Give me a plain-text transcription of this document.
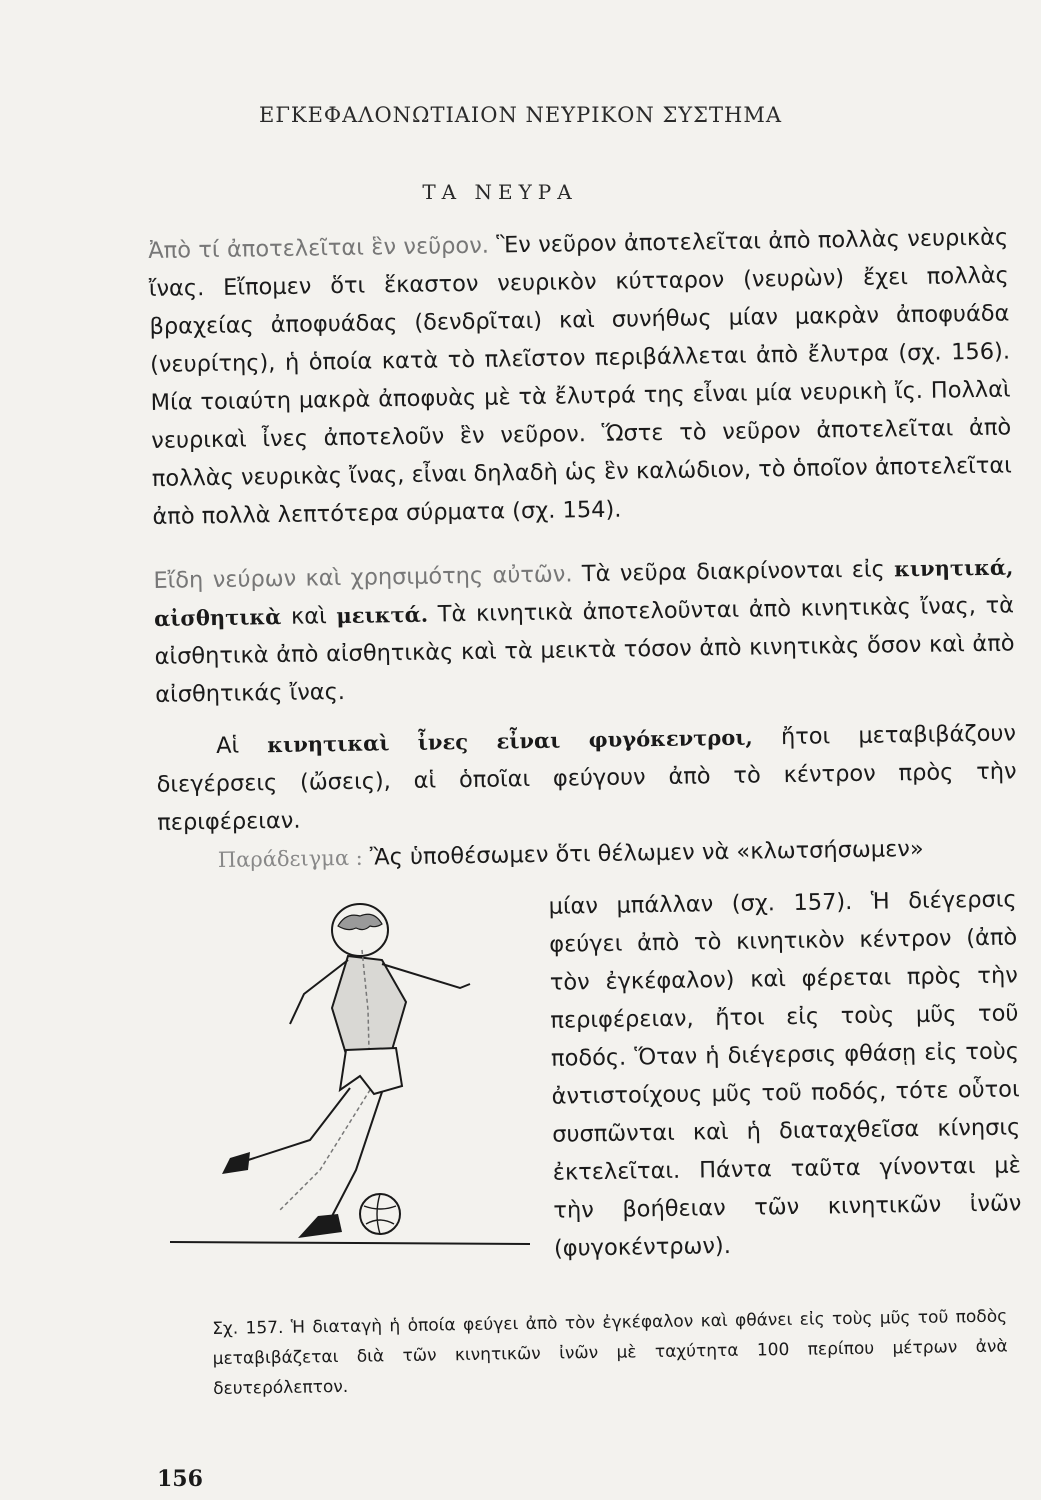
ΕΓΚΕΦΑΛΟΝΩΤΙΑΙΟΝ ΝΕΥΡΙΚΟΝ ΣΥΣΤΗΜΑ
ΤΑ ΝΕΥΡΑ

Ἀπὸ τί ἀποτελεῖται ἓν νεῦρον. Ἓν νεῦρον ἀποτελεῖται ἀπὸ πολλὰς νευρικὰς ἴνας. Εἴπομεν ὅτι ἕκαστον νευρικὸν κύτταρον (νευρὼν) ἔχει πολλὰς βραχείας ἀποφυάδας (δενδρῖται) καὶ συνήθως μίαν μακρὰν ἀποφυάδα (νευρίτης), ἡ ὁποία κατὰ τὸ πλεῖστον περιβάλλεται ἀπὸ ἔλυτρα (σχ. 156). Μία τοιαύτη μακρὰ ἀποφυὰς μὲ τὰ ἔλυτρά της εἶναι μία νευρικὴ ἴς. Πολλαὶ νευρικαὶ ἶνες ἀποτελοῦν ἓν νεῦρον. Ὥστε τὸ νεῦρον ἀποτελεῖται ἀπὸ πολλὰς νευρικὰς ἴνας, εἶναι δηλαδὴ ὡς ἓν καλώδιον, τὸ ὁποῖον ἀποτελεῖται ἀπὸ πολλὰ λεπτότερα σύρματα (σχ. 154).

Εἴδη νεύρων καὶ χρησιμότης αὐτῶν. Τὰ νεῦρα διακρίνονται εἰς κινητικά, αἰσθητικὰ καὶ μεικτά. Τὰ κινητικὰ ἀποτελοῦνται ἀπὸ κινητικὰς ἴνας, τὰ αἰσθητικὰ ἀπὸ αἰσθητικὰς καὶ τὰ μεικτὰ τόσον ἀπὸ κινητικὰς ὅσον καὶ ἀπὸ αἰσθητικάς ἴνας.

Αἱ κινητικαὶ ἶνες εἶναι φυγόκεντροι, ἤτοι μεταβιβάζουν διεγέρσεις (ὤσεις), αἱ ὁποῖαι φεύγουν ἀπὸ τὸ κέντρον πρὸς τὴν περιφέρειαν.

Παράδειγμα : Ἂς ὑποθέσωμεν ὅτι θέλωμεν νὰ «κλωτσήσωμεν»

μίαν μπάλλαν (σχ. 157). Ἡ διέγερσις φεύγει ἀπὸ τὸ κινητικὸν κέντρον (ἀπὸ τὸν ἐγκέφαλον) καὶ φέρεται πρὸς τὴν περιφέρειαν, ἤτοι εἰς τοὺς μῦς τοῦ ποδός. Ὅταν ἡ διέγερσις φθάσῃ εἰς τοὺς ἀντιστοίχους μῦς τοῦ ποδός, τότε οὗτοι συσπῶνται καὶ ἡ διαταχθεῖσα κίνησις ἐκτελεῖται. Πάντα ταῦτα γίνονται μὲ τὴν βοήθειαν τῶν κινητικῶν ἰνῶν (φυγοκέντρων).

Σχ. 157. Ἡ διαταγὴ ἡ ὁποία φεύγει ἀπὸ τὸν ἐγκέφαλον καὶ φθάνει εἰς τοὺς μῦς τοῦ ποδὸς μεταβιβάζεται διὰ τῶν κινητικῶν ἰνῶν μὲ ταχύτητα 100 περίπου μέτρων ἀνὰ δευτερόλεπτον.
156
